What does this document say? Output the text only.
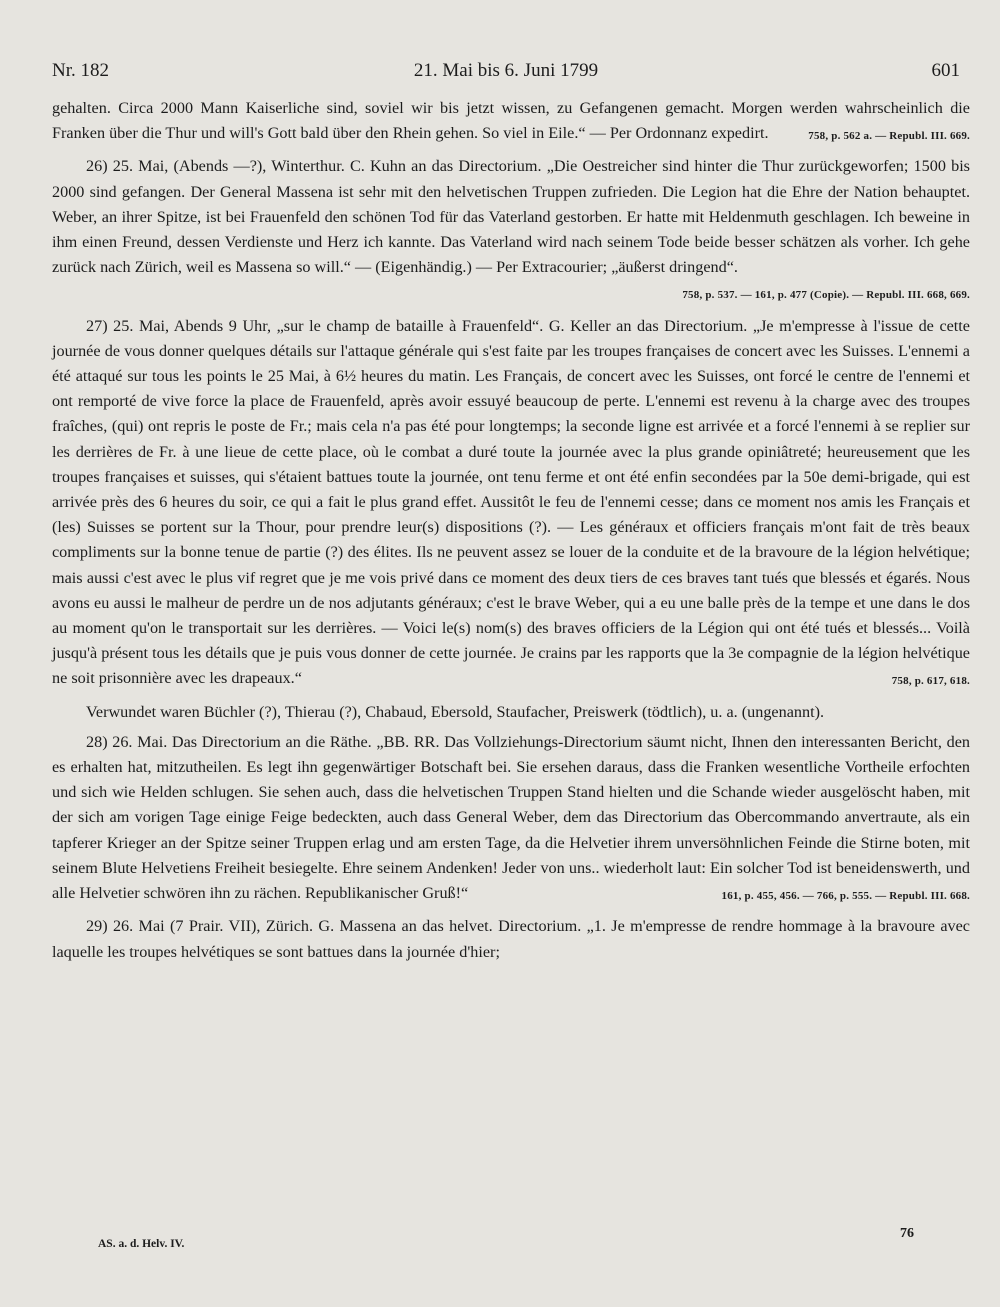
Nr. 182	21. Mai bis 6. Juni 1799	601

gehalten. Circa 2000 Mann Kaiserliche sind, soviel wir bis jetzt wissen, zu Gefangenen gemacht. Morgen werden wahrscheinlich die Franken über die Thur und will's Gott bald über den Rhein gehen. So viel in Eile.“ — Per Ordonnanz expedirt.	758, p. 562 a. — Republ. III. 669.

26) 25. Mai, (Abends —?), Winterthur. C. Kuhn an das Directorium. „Die Oestreicher sind hinter die Thur zurückgeworfen; 1500 bis 2000 sind gefangen. Der General Massena ist sehr mit den helvetischen Truppen zufrieden. Die Legion hat die Ehre der Nation behauptet. Weber, an ihrer Spitze, ist bei Frauenfeld den schönen Tod für das Vaterland gestorben. Er hatte mit Heldenmuth geschlagen. Ich beweine in ihm einen Freund, dessen Verdienste und Herz ich kannte. Das Vaterland wird nach seinem Tode beide besser schätzen als vorher. Ich gehe zurück nach Zürich, weil es Massena so will.“ — (Eigenhändig.) — Per Extracourier; „äußerst dringend“.
758, p. 537. — 161, p. 477 (Copie). — Republ. III. 668, 669.

27) 25. Mai, Abends 9 Uhr, „sur le champ de bataille à Frauenfeld“. G. Keller an das Directorium. „Je m'empresse à l'issue de cette journée de vous donner quelques détails sur l'attaque générale qui s'est faite par les troupes françaises de concert avec les Suisses. L'ennemi a été attaqué sur tous les points le 25 Mai, à 6½ heures du matin. Les Français, de concert avec les Suisses, ont forcé le centre de l'ennemi et ont remporté de vive force la place de Frauenfeld, après avoir essuyé beaucoup de perte. L'ennemi est revenu à la charge avec des troupes fraîches, (qui) ont repris le poste de Fr.; mais cela n'a pas été pour longtemps; la seconde ligne est arrivée et a forcé l'ennemi à se replier sur les derrières de Fr. à une lieue de cette place, où le combat a duré toute la journée avec la plus grande opiniâtreté; heureusement que les troupes françaises et suisses, qui s'étaient battues toute la journée, ont tenu ferme et ont été enfin secondées par la 50e demi-brigade, qui est arrivée près des 6 heures du soir, ce qui a fait le plus grand effet. Aussitôt le feu de l'ennemi cesse; dans ce moment nos amis les Français et (les) Suisses se portent sur la Thour, pour prendre leur(s) dispositions (?). — Les généraux et officiers français m'ont fait de très beaux compliments sur la bonne tenue de partie (?) des élites. Ils ne peuvent assez se louer de la conduite et de la bravoure de la légion helvétique; mais aussi c'est avec le plus vif regret que je me vois privé dans ce moment des deux tiers de ces braves tant tués que blessés et égarés. Nous avons eu aussi le malheur de perdre un de nos adjutants généraux; c'est le brave Weber, qui a eu une balle près de la tempe et une dans le dos au moment qu'on le transportait sur les derrières. — Voici le(s) nom(s) des braves officiers de la Légion qui ont été tués et blessés... Voilà jusqu'à présent tous les détails que je puis vous donner de cette journée. Je crains par les rapports que la 3e compagnie de la légion helvétique ne soit prisonnière avec les drapeaux.“	758, p. 617, 618.

Verwundet waren Büchler (?), Thierau (?), Chabaud, Ebersold, Staufacher, Preiswerk (tödtlich), u. a. (ungenannt).

28) 26. Mai. Das Directorium an die Räthe. „BB. RR. Das Vollziehungs-Directorium säumt nicht, Ihnen den interessanten Bericht, den es erhalten hat, mitzutheilen. Es legt ihn gegenwärtiger Botschaft bei. Sie ersehen daraus, dass die Franken wesentliche Vortheile erfochten und sich wie Helden schlugen. Sie sehen auch, dass die helvetischen Truppen Stand hielten und die Schande wieder ausgelöscht haben, mit der sich am vorigen Tage einige Feige bedeckten, auch dass General Weber, dem das Directorium das Obercommando anvertraute, als ein tapferer Krieger an der Spitze seiner Truppen erlag und am ersten Tage, da die Helvetier ihrem unversöhnlichen Feinde die Stirne boten, mit seinem Blute Helvetiens Freiheit besiegelte. Ehre seinem Andenken! Jeder von uns.. wiederholt laut: Ein solcher Tod ist beneidenswerth, und alle Helvetier schwören ihn zu rächen. Republikanischer Gruß!“	161, p. 455, 456. — 766, p. 555. — Republ. III. 668.

29) 26. Mai (7 Prair. VII), Zürich. G. Massena an das helvet. Directorium. „1. Je m'empresse de rendre hommage à la bravoure avec laquelle les troupes helvétiques se sont battues dans la journée d'hier;

AS. a. d. Helv. IV.
76
